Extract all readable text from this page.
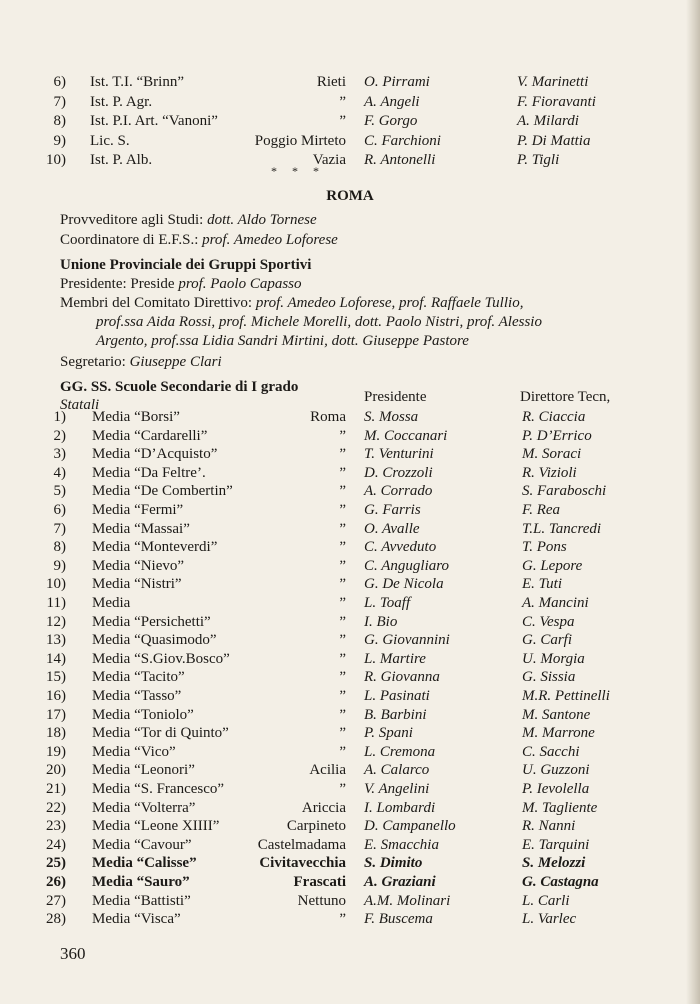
6) Ist. T.I. “Brinn”	Rieti O. Pirrami	V. Marinetti
7) Ist. P. Agr.	” A. Angeli	F. Fioravanti
8) Ist. P.I. Art. “Vanoni”	” F. Gorgo	A. Milardi
9) Lic. S.	Poggio Mirteto C. Farchioni	P. Di Mattia
10) Ist. P. Alb.	Vazia R. Antonelli	P. Tigli
* * *
ROMA
Provveditore agli Studi: dott. Aldo Tornese
Coordinatore di E.F.S.: prof. Amedeo Loforese
Unione Provinciale dei Gruppi Sportivi
Presidente: Preside prof. Paolo Capasso
Membri del Comitato Direttivo: prof. Amedeo Loforese, prof. Raffaele Tullio,
prof.ssa Aida Rossi, prof. Michele Morelli, dott. Paolo Nistri, prof. Alessio
Argento, prof.ssa Lidia Sandri Mirtini, dott. Giuseppe Pastore
Segretario: Giuseppe Clari
GG. SS. Scuole Secondarie di I grado
Statali	Presidente	Direttore Tecn,
1) Media “Borsi”	Roma S. Mossa	R. Ciaccia
2) Media “Cardarelli”	” M. Coccanari	P. D’Errico
3) Media “D’Acquisto”	” T. Venturini	M. Soraci
4) Media “Da Feltre’.	” D. Crozzoli	R. Vizioli
5) Media “De Combertin”	” A. Corrado	S. Faraboschi
6) Media “Fermi”	” G. Farris	F. Rea
7) Media “Massai”	” O. Avalle	T.L. Tancredi
8) Media “Monteverdi”	” C. Avveduto	T. Pons
9) Media “Nievo”	” C. Angugliaro	G. Lepore
10) Media “Nistri”	” G. De Nicola	E. Tuti
11) Media	” L. Toaff	A. Mancini
12) Media “Persichetti”	” I. Bio	C. Vespa
13) Media “Quasimodo”	” G. Giovannini	G. Carfi
14) Media “S.Giov.Bosco”	” L. Martire	U. Morgia
15) Media “Tacito”	” R. Giovanna	G. Sissia
16) Media “Tasso”	” L. Pasinati	M.R. Pettinelli
17) Media “Toniolo”	” B. Barbini	M. Santone
18) Media “Tor di Quinto”	” P. Spani	M. Marrone
19) Media “Vico”	” L. Cremona	C. Sacchi
20) Media “Leonori”	Acilia A. Calarco	U. Guzzoni
21) Media “S. Francesco”	” V. Angelini	P. Ievolella
22) Media “Volterra”	Ariccia I. Lombardi	M. Tagliente
23) Media “Leone XIIII”	Carpineto D. Campanello	R. Nanni
24) Media “Cavour”	Castelmadama E. Smacchia	E. Tarquini
25) Media “Calisse”	Civitavecchia S. Dimito	S. Melozzi
26) Media “Sauro”	Frascati A. Graziani	G. Castagna
27) Media “Battisti”	Nettuno A.M. Molinari	L. Carli
28) Media “Visca”	” F. Buscema	L. Varlec
360
